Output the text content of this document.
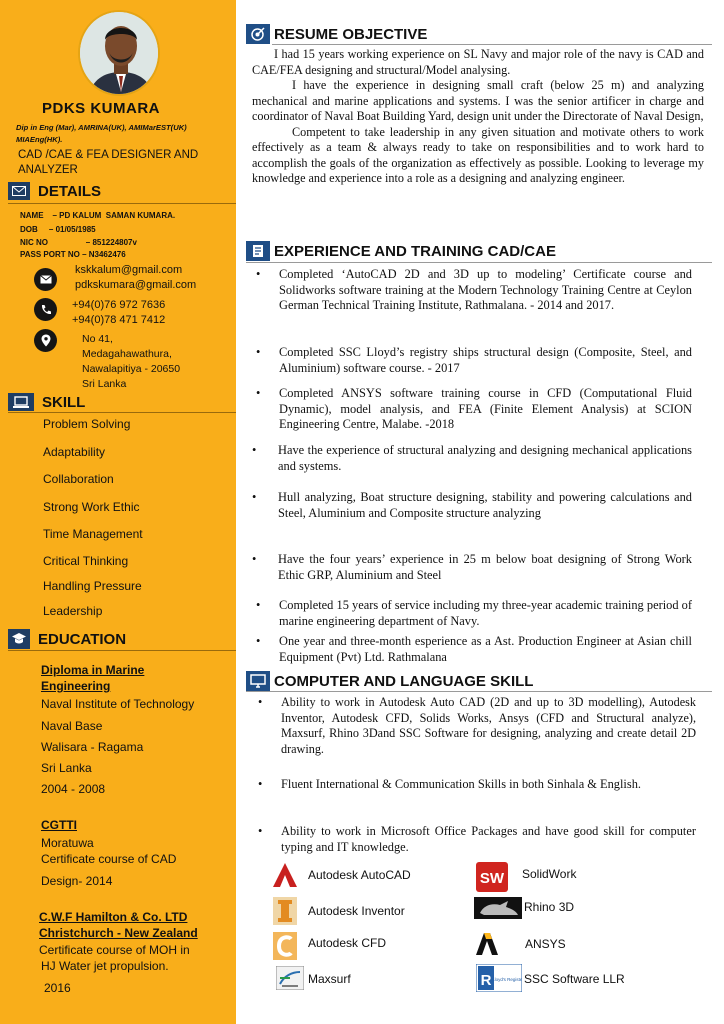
PDKS KUMARA
Dip in Eng (Mar), AMRINA(UK), AMIMarEST(UK) MIAEng(HK).
CAD /CAE & FEA DESIGNER AND ANALYZER
DETAILS
NAME    – PD KALUM  SAMAN KUMARA.
DOB     – 01/05/1985
NIC NO                 – 851224807v
PASS PORT NO – N3462476
kskkalum@gmail.com
pdkskumara@gmail.com
+94(0)76 972 7636
+94(0)78 471 7412
No 41,
Medagahawathura,
Nawalapitiya - 20650
Sri Lanka
SKILL
Problem Solving
Adaptability
Collaboration
Strong Work Ethic
Time Management
Critical Thinking
Handling Pressure
Leadership
EDUCATION
Diploma in Marine
Engineering
Naval Institute of Technology
Naval Base
Walisara - Ragama
Sri Lanka
2004 - 2008
CGTTI
Moratuwa
Certificate course of CAD
Design- 2014
C.W.F Hamilton & Co. LTD
Christchurch - New Zealand
Certificate course of MOH in
HJ Water jet propulsion.
2016
RESUME OBJECTIVE
I had 15 years working experience on SL Navy and major role of the navy is CAD and CAE/FEA designing and structural/Model analysing.
I have the experience in designing small craft (below 25 m) and analyzing mechanical and marine applications and systems. I was the senior artificer in charge and coordinator of Naval Boat Building Yard, design unit under the Directorate of Naval Design,
Competent to take leadership in any given situation and motivate others to work effectively as a team & always ready to take on responsibilities and to work hard to accomplish the goals of the organization as effectively as possible. Looking to leverage my knowledge and experience into a role as a designing and analyzing engineer.
EXPERIENCE AND TRAINING CAD/CAE
• Completed ‘AutoCAD 2D and 3D up to modeling’ Certificate course and Solidworks software training at the Modern Technology Training Centre at Ceylon German Technical Training Institute, Rathmalana. - 2014 and 2017.
• Completed SSC Lloyd’s registry ships structural design (Composite, Steel, and Aluminium) software course. - 2017
• Completed ANSYS software training course in CFD (Computational Fluid Dynamic), model analysis, and FEA (Finite Element Analysis) at SCION Engineering Centre, Malabe. -2018
• Have the experience of structural analyzing and designing mechanical applications and systems.
• Hull analyzing, Boat structure designing, stability and powering calculations and Steel, Aluminium and Composite structure analyzing
• Have the four years’ experience in 25 m below boat designing of Strong Work Ethic GRP, Aluminium and Steel
• Completed 15 years of service including my three-year academic training period of marine engineering department of Navy.
• One year and three-month esperience as a Ast. Production Engineer at Asian chill Equipment (Pvt) Ltd. Rathmalana
COMPUTER AND LANGUAGE SKILL
• Ability to work in Autodesk Auto CAD (2D and up to 3D modelling), Autodesk Inventor, Autodesk CFD, Solids Works, Ansys (CFD and Structural analyze), Maxsurf, Rhino 3Dand SSC Software for designing, analyzing and create detail 2D drawing.
• Fluent International & Communication Skills in both Sinhala & English.
• Ability to work in Microsoft Office Packages and have good skill for computer typing and IT knowledge.
Autodesk AutoCAD	SW SolidWork
Autodesk Inventor	Rhino 3D
Autodesk CFD	ANSYS
Maxsurf	R Lloyd's Register SSC Software LLR
